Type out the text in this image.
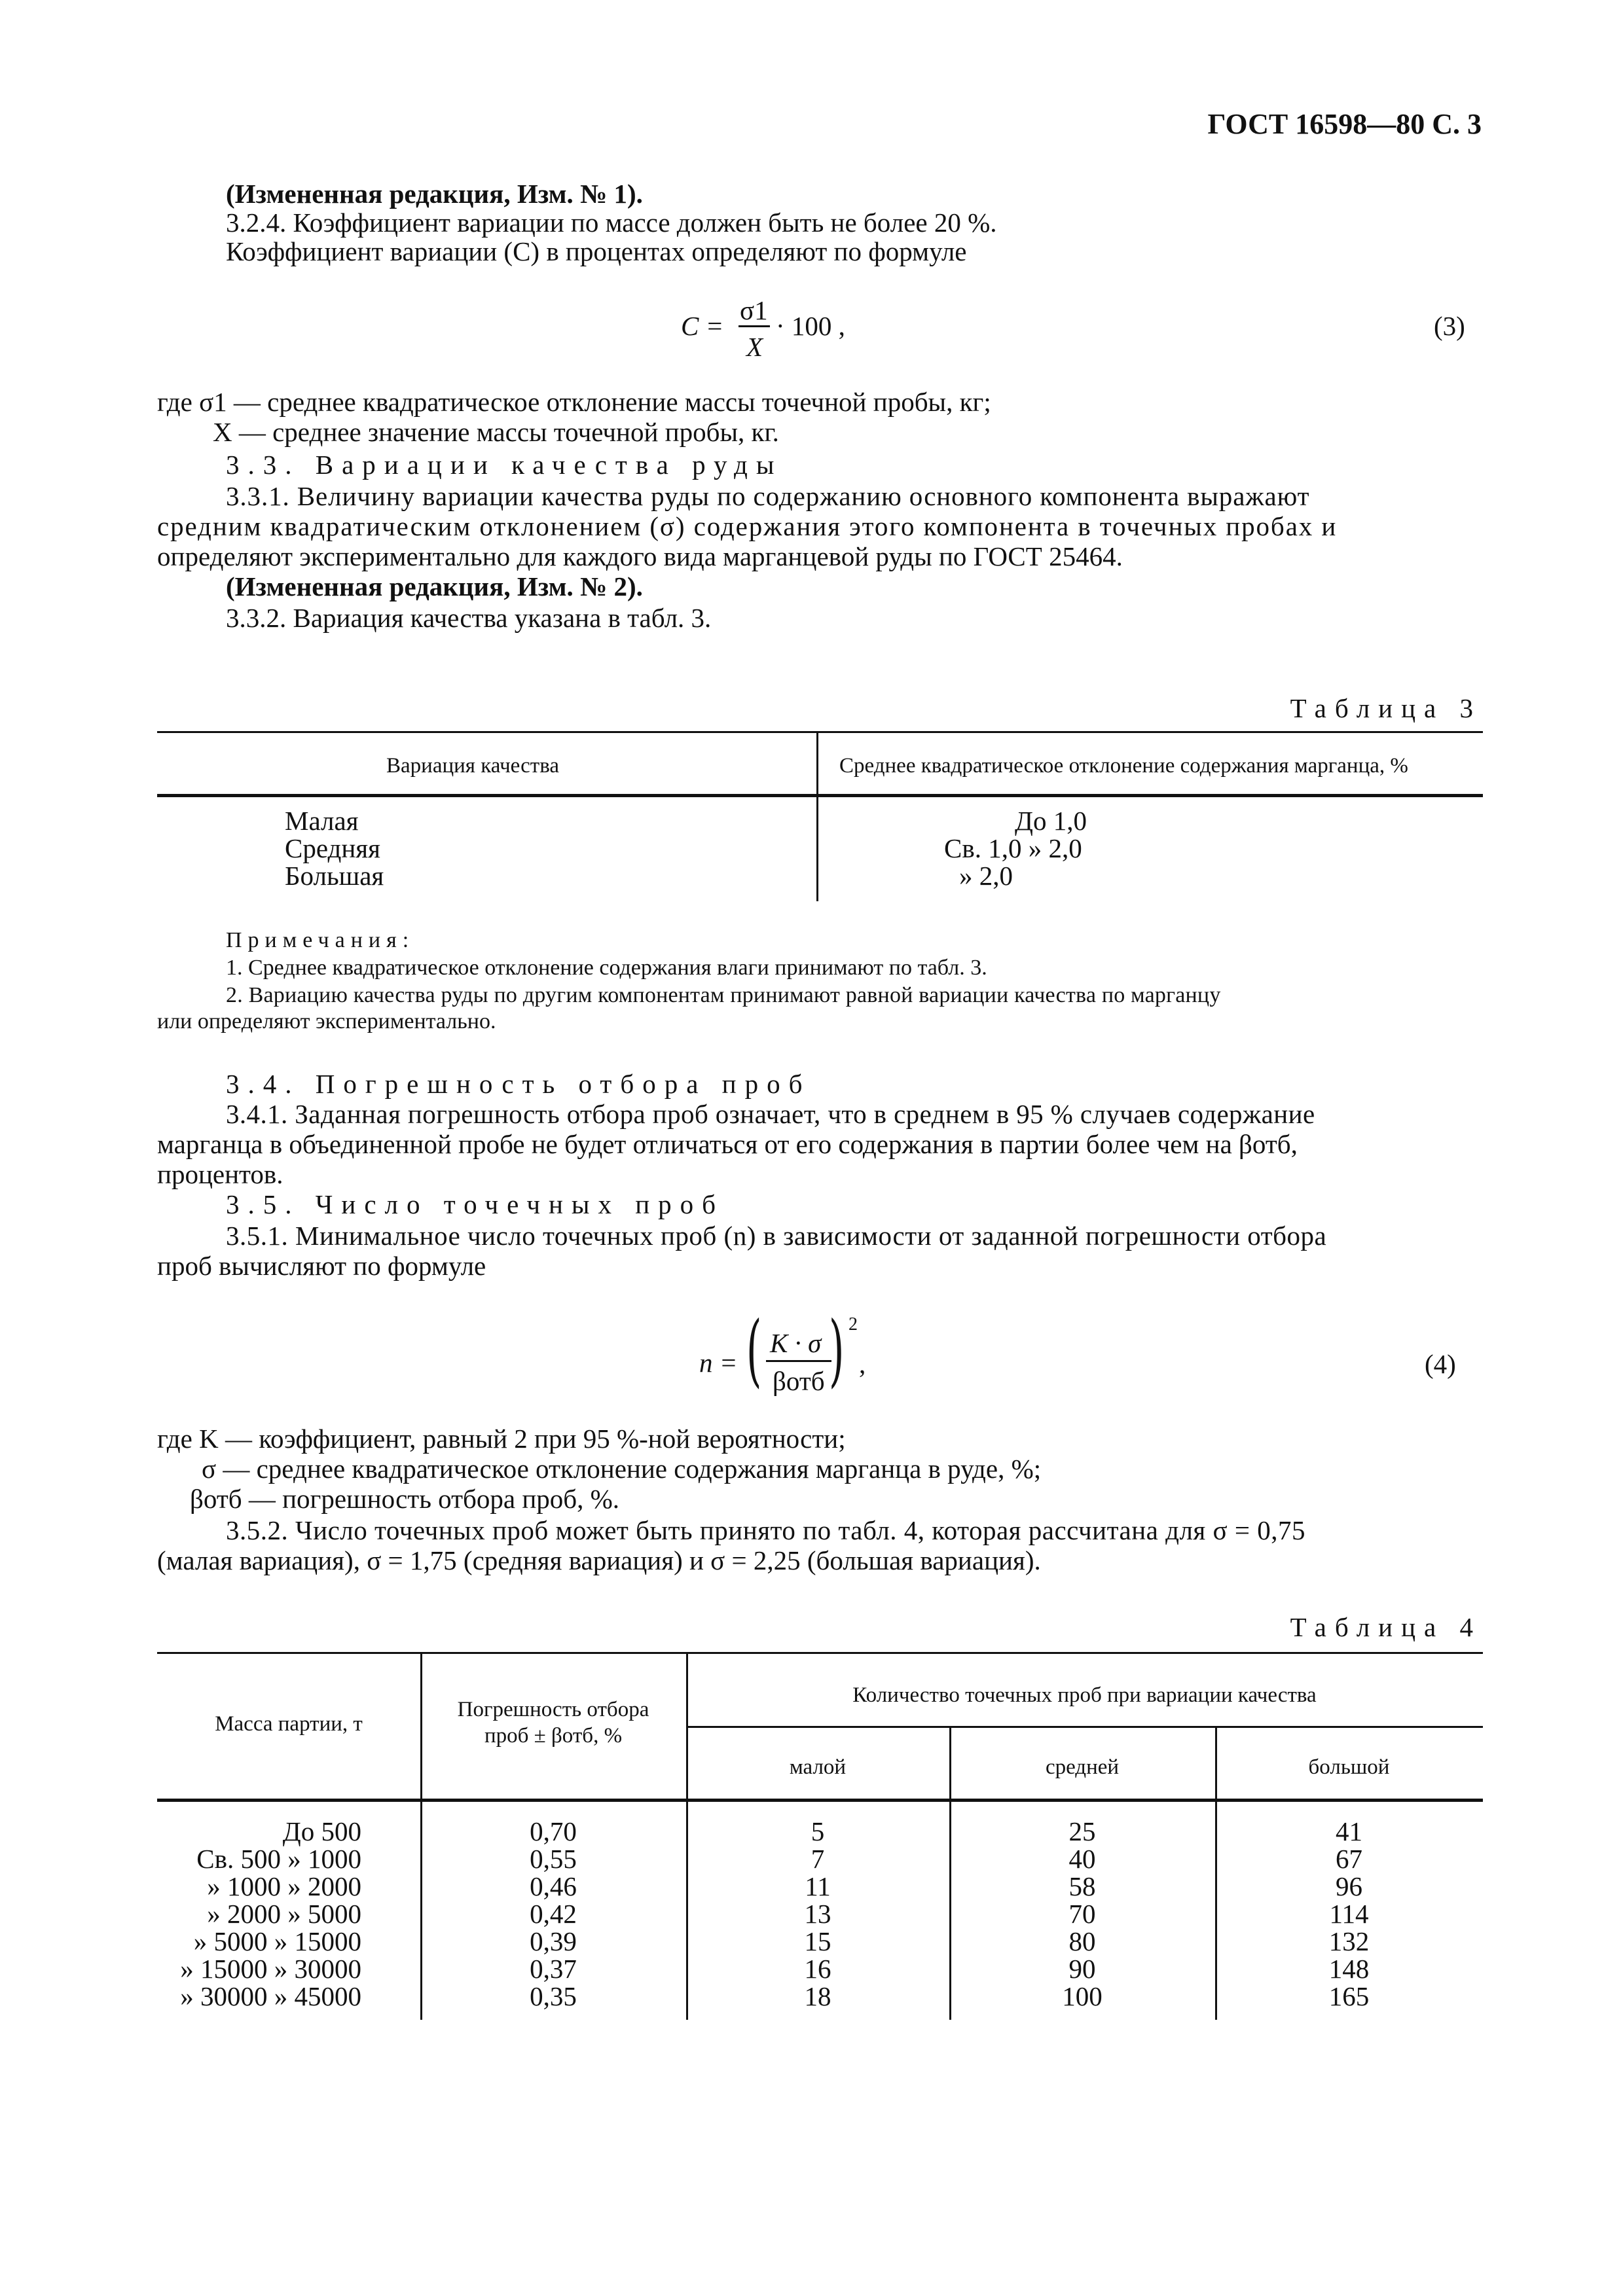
ГОСТ 16598—80 С. 3
(Измененная редакция, Изм. № 1).
3.2.4. Коэффициент вариации по массе должен быть не более 20 %.
Коэффициент вариации (C) в процентах определяют по формуле
C =
σ1
X
· 100 ,	(3)
где σ1 — среднее квадратическое отклонение массы точечной пробы, кг;
X — среднее значение массы точечной пробы, кг.
3.3. Вариации качества руды
3.3.1. Величину вариации качества руды по содержанию основного компонента выражают
средним квадратическим отклонением (σ) содержания этого компонента в точечных пробах и
определяют экспериментально для каждого вида марганцевой руды по ГОСТ 25464.
(Измененная редакция, Изм. № 2).
3.3.2. Вариация качества указана в табл. 3.
Таблица 3
Вариация качества	Среднее квадратическое отклонение содержания марганца, %
Малая	До 1,0
Средняя	Св. 1,0 » 2,0
Большая	» 2,0
Примечания:
1. Среднее квадратическое отклонение содержания влаги принимают по табл. 3.
2. Вариацию качества руды по другим компонентам принимают равной вариации качества по марганцу
или определяют экспериментально.
3.4. Погрешность отбора проб
3.4.1. Заданная погрешность отбора проб означает, что в среднем в 95 % случаев содержание
марганца в объединенной пробе не будет отличаться от его содержания в партии более чем на βотб,
процентов.
3.5. Число точечных проб
3.5.1. Минимальное число точечных проб (n) в зависимости от заданной погрешности отбора
проб вычисляют по формуле
n = ( K · σ
βотб ) 2
,	(4)
где K — коэффициент, равный 2 при 95 %-ной вероятности;
σ — среднее квадратическое отклонение содержания марганца в руде, %;
βотб — погрешность отбора проб, %.
3.5.2. Число точечных проб может быть принято по табл. 4, которая рассчитана для σ = 0,75
(малая вариация), σ = 1,75 (средняя вариация) и σ = 2,25 (большая вариация).
Таблица 4
Масса партии, т
Погрешность отбора
проб ± βотб, %
Количество точечных проб при вариации качества
малой	средней	большой
До 500	0,70	5	25	41
Св. 500 » 1000	0,55	7	40	67
» 1000 » 2000	0,46	11	58	96
» 2000 » 5000	0,42	13	70	114
» 5000 » 15000	0,39	15	80	132
» 15000 » 30000	0,37	16	90	148
» 30000 » 45000	0,35	18	100	165
